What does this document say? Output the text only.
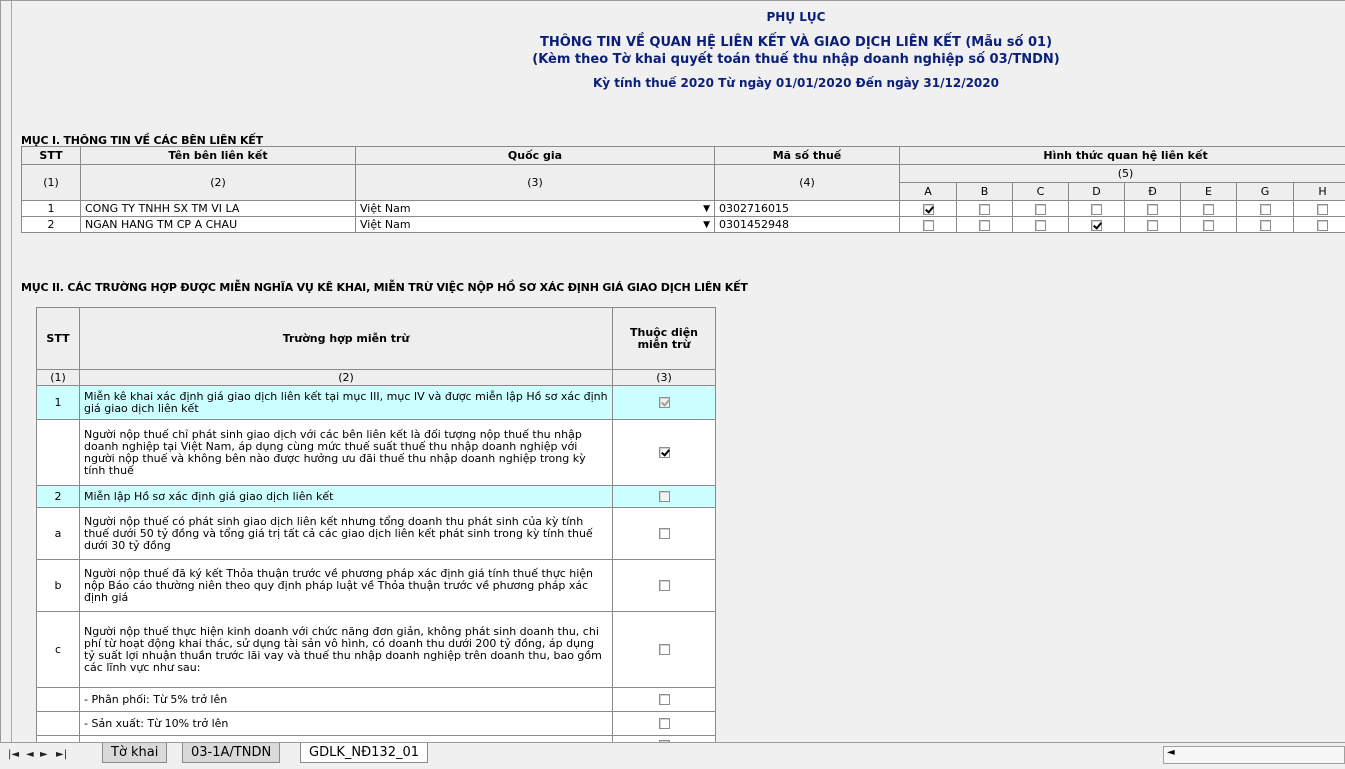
PHỤ LỤC
THÔNG TIN VỀ QUAN HỆ LIÊN KẾT VÀ GIAO DỊCH LIÊN KẾT (Mẫu số 01)
(Kèm theo Tờ khai quyết toán thuế thu nhập doanh nghiệp số 03/TNDN)
Kỳ tính thuế 2020 Từ ngày 01/01/2020 Đến ngày 31/12/2020
MỤC I. THÔNG TIN VỀ CÁC BÊN LIÊN KẾT
STT	Tên bên liên kết	Quốc gia	Mã số thuế	Hình thức quan hệ liên kết							
(1)	(2)	(3)	(4)	(5)							
				A	B	C	D	Đ	E	G	H
1	CONG TY TNHH SX TM VI LA	Việt Nam ▼	0302716015								
2	NGAN HANG TM CP A CHAU	Việt Nam ▼	0301452948								
MỤC II. CÁC TRƯỜNG HỢP ĐƯỢC MIỄN NGHĨA VỤ KÊ KHAI, MIỄN TRỪ VIỆC NỘP HỒ SƠ XÁC ĐỊNH GIÁ GIAO DỊCH LIÊN KẾT
STT	Trường hợp miễn trừ	Thuộc diện miễn trừ
(1)	(2)	(3)
1	Miễn kê khai xác định giá giao dịch liên kết tại mục III, mục IV và được miễn lập Hồ sơ xác định giá giao dịch liên kết	
	Người nộp thuế chỉ phát sinh giao dịch với các bên liên kết là đối tượng nộp thuế thu nhập doanh nghiệp tại Việt Nam, áp dụng cùng mức thuế suất thuế thu nhập doanh nghiệp với người nộp thuế và không bên nào được hưởng ưu đãi thuế thu nhập doanh nghiệp trong kỳ tính thuế	
2	Miễn lập Hồ sơ xác định giá giao dịch liên kết	
a	Người nộp thuế có phát sinh giao dịch liên kết nhưng tổng doanh thu phát sinh của kỳ tính thuế dưới 50 tỷ đồng và tổng giá trị tất cả các giao dịch liên kết phát sinh trong kỳ tính thuế dưới 30 tỷ đồng	
b	Người nộp thuế đã ký kết Thỏa thuận trước về phương pháp xác định giá tính thuế thực hiện nộp Báo cáo thường niên theo quy định pháp luật về Thỏa thuận trước về phương pháp xác định giá	
c	Người nộp thuế thực hiện kinh doanh với chức năng đơn giản, không phát sinh doanh thu, chi phí từ hoạt động khai thác, sử dụng tài sản vô hình, có doanh thu dưới 200 tỷ đồng, áp dụng tỷ suất lợi nhuận thuần trước lãi vay và thuế thu nhập doanh nghiệp trên doanh thu, bao gồm các lĩnh vực như sau:	
	- Phân phối: Từ 5% trở lên	
	- Sản xuất: Từ 10% trở lên	

|◄ ◄ ► ►|	Tờ khai	03-1A/TNDN	GDLK_NĐ132_01	◄
